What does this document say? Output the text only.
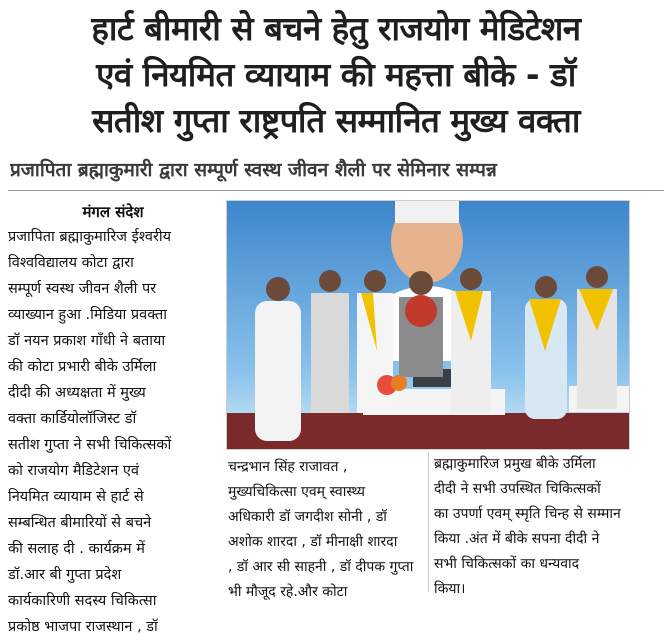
हार्ट बीमारी से बचने हेतु राजयोग मेडिटेशन
एवं नियमित व्यायाम की महत्ता बीके - डॉ
सतीश गुप्ता राष्ट्रपति सम्मानित मुख्य वक्ता
प्रजापिता ब्रह्माकुमारी द्वारा सम्पूर्ण स्वस्थ जीवन शैली पर सेमिनार सम्पन्न
मंगल संदेश
प्रजापिता ब्रह्माकुमारिज ईश्वरीय
विश्वविद्यालय कोटा द्वारा
सम्पूर्ण स्वस्थ जीवन शैली पर
व्याख्यान हुआ .मिडिया प्रवक्ता
डॉ नयन प्रकाश गाँधी ने बताया
की कोटा प्रभारी बीके उर्मिला
दीदी की अध्यक्षता में मुख्य
वक्ता कार्डियोलॉजिस्ट डॉ
सतीश गुप्ता ने सभी चिकित्सकों
को राजयोग मैडिटेशन एवं
नियमित व्यायाम से हार्ट से
सम्बन्धित बीमारियों से बचने
की सलाह दी . कार्यक्रम में
डॉ.आर बी गुप्ता प्रदेश
कार्यकारिणी सदस्य चिकित्सा
प्रकोष्ठ भाजपा राजस्थान , डॉ
चन्द्रभान सिंह राजावत ,
मुख्यचिकित्सा एवम् स्वास्थ्य
अधिकारी डॉ जगदीश सोनी , डॉ
अशोक शारदा , डॉ मीनाक्षी शारदा
, डॉ आर सी साहनी , डॉ दीपक गुप्ता
भी मौजूद रहे.और कोटा
ब्रह्माकुमारिज प्रमुख बीके उर्मिला
दीदी ने सभी उपस्थित चिकित्सकों
का उपर्णा एवम् स्मृति चिन्ह से सम्मान
किया .अंत में बीके सपना दीदी ने
सभी चिकित्सकों का धन्यवाद
किया।
